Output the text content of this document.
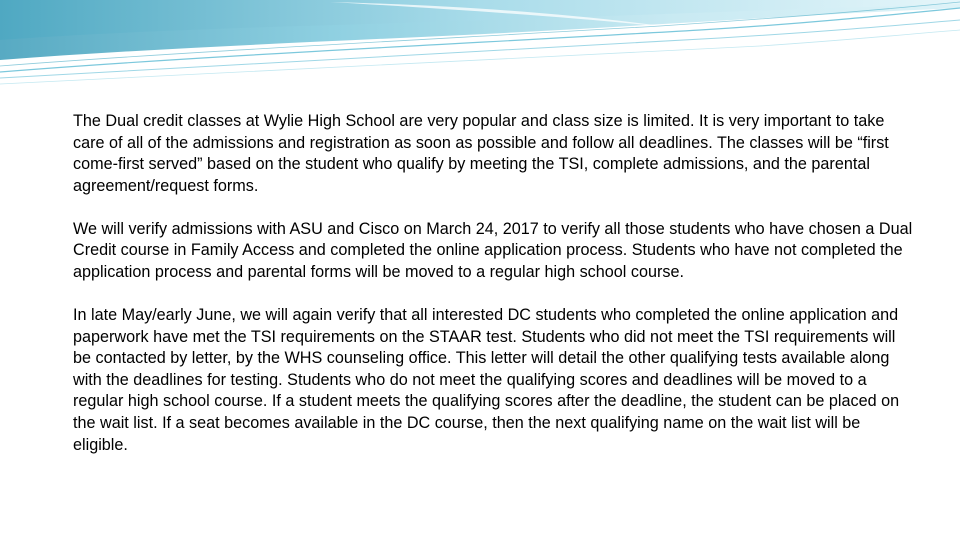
The Dual credit classes at Wylie High School are very popular and class size is limited. It is very important to take care of all of the admissions and registration as soon as possible and follow all deadlines. The classes will be “first come-first served” based on the student who qualify by meeting the TSI, complete admissions, and the parental agreement/request forms.

We will verify admissions with ASU and Cisco on March 24, 2017 to verify all those students who have chosen a Dual Credit course in Family Access and completed the online application process. Students who have not completed the application process and parental forms will be moved to a regular high school course.

In late May/early June, we will again verify that all interested DC students who completed the online application and paperwork have met the TSI requirements on the STAAR test. Students who did not meet the TSI requirements will be contacted by letter, by the WHS counseling office. This letter will detail the other qualifying tests available along with the deadlines for testing. Students who do not meet the qualifying scores and deadlines will be moved to a regular high school course. If a student meets the qualifying scores after the deadline, the student can be placed on the wait list. If a seat becomes available in the DC course, then the next qualifying name on the wait list will be eligible.
